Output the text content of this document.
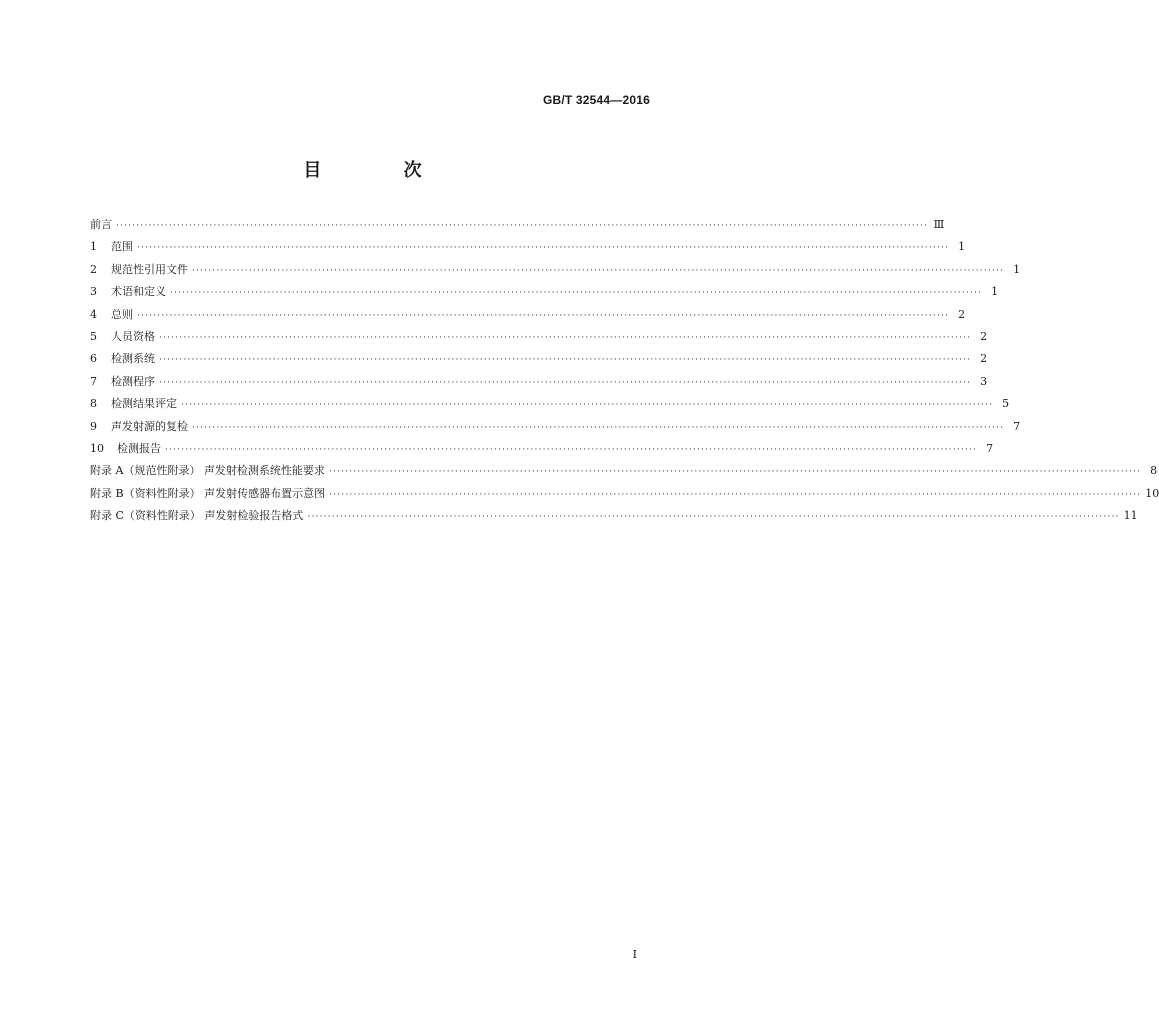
GB/T 32544—2016
目 次
前言 ········································································································································································································ Ⅲ
1	范围 ········································································································································································································ 1
2	规范性引用文件 ········································································································································································································ 1
3	术语和定义 ········································································································································································································ 1
4	总则 ········································································································································································································ 2
5	人员资格 ········································································································································································································ 2
6	检测系统 ········································································································································································································ 2
7	检测程序 ········································································································································································································ 3
8	检测结果评定 ········································································································································································································ 5
9	声发射源的复检 ········································································································································································································ 7
10	检测报告 ········································································································································································································ 7
附录 A（规范性附录） 声发射检测系统性能要求 ········································································································································································································ 8
附录 B（资料性附录） 声发射传感器布置示意图 ········································································································································································································ 10
附录 C（资料性附录） 声发射检验报告格式 ········································································································································································································ 11
I
